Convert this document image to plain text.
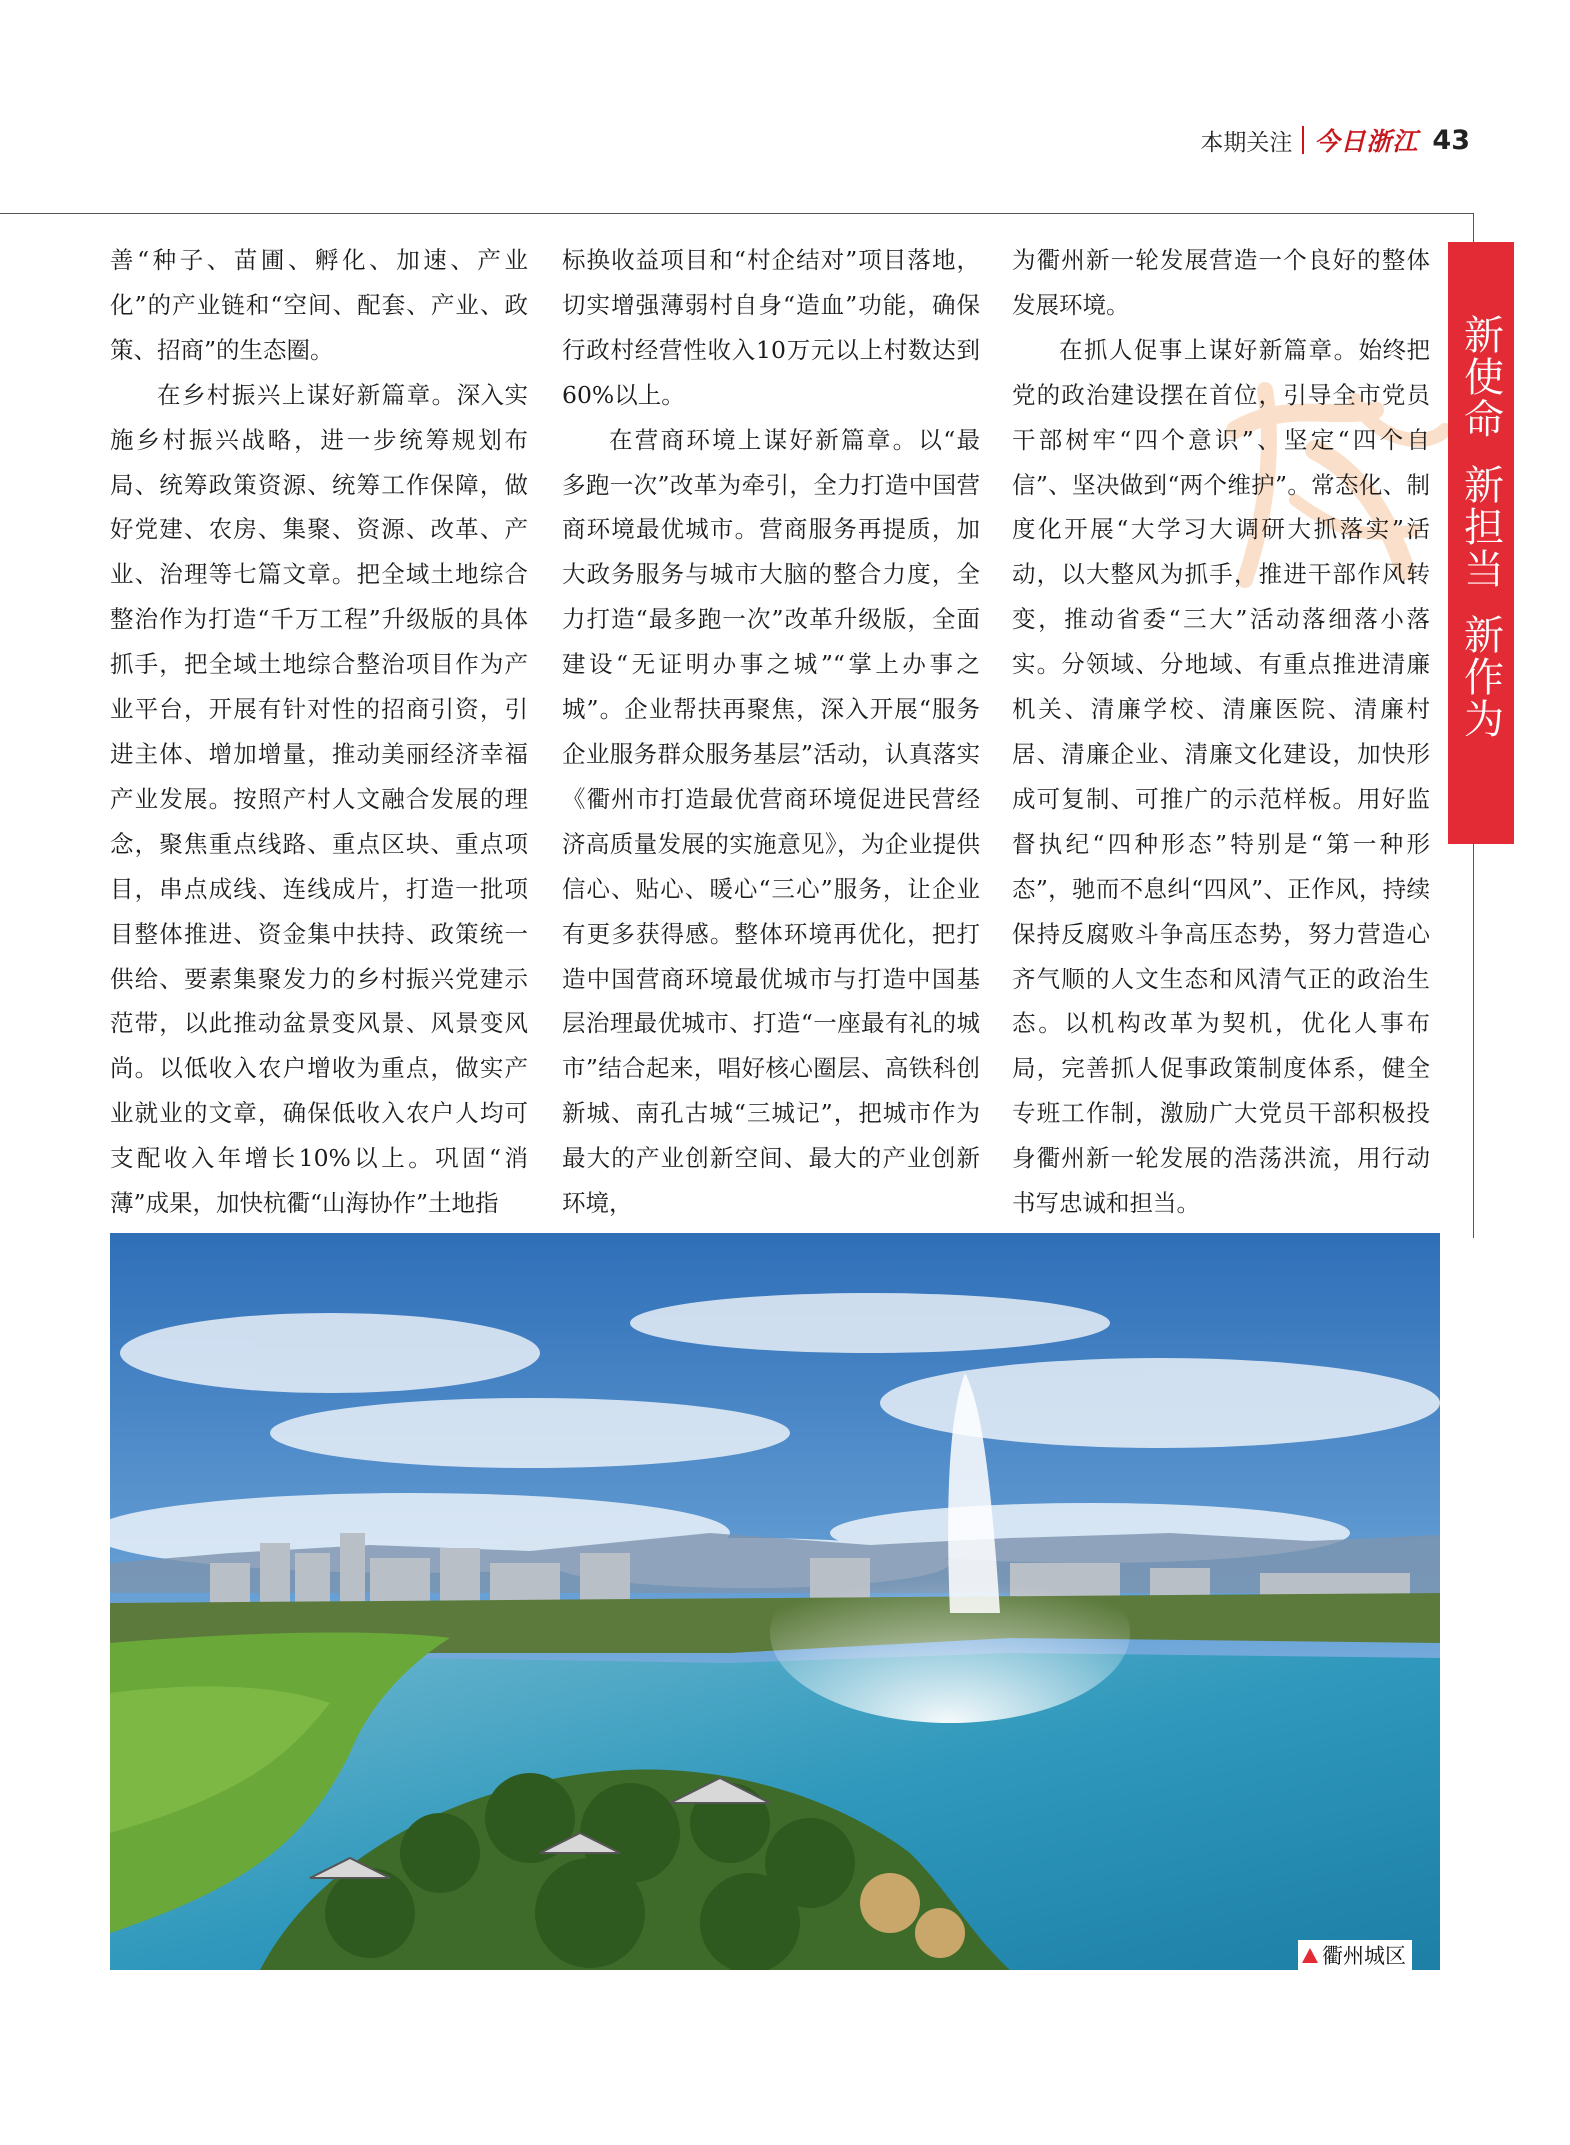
本期关注 今日浙江 43

善“种子、苗圃、孵化、加速、产业化”的产业链和“空间、配套、产业、政策、招商”的生态圈。

在乡村振兴上谋好新篇章。深入实施乡村振兴战略，进一步统筹规划布局、统筹政策资源、统筹工作保障，做好党建、农房、集聚、资源、改革、产业、治理等七篇文章。把全域土地综合整治作为打造“千万工程”升级版的具体抓手，把全域土地综合整治项目作为产业平台，开展有针对性的招商引资，引进主体、增加增量，推动美丽经济幸福产业发展。按照产村人文融合发展的理念，聚焦重点线路、重点区块、重点项目，串点成线、连线成片，打造一批项目整体推进、资金集中扶持、政策统一供给、要素集聚发力的乡村振兴党建示范带，以此推动盆景变风景、风景变风尚。以低收入农户增收为重点，做实产业就业的文章，确保低收入农户人均可支配收入年增长10%以上。巩固“消薄”成果，加快杭衢“山海协作”土地指

标换收益项目和“村企结对”项目落地，切实增强薄弱村自身“造血”功能，确保行政村经营性收入10万元以上村数达到60%以上。

在营商环境上谋好新篇章。以“最多跑一次”改革为牵引，全力打造中国营商环境最优城市。营商服务再提质，加大政务服务与城市大脑的整合力度，全力打造“最多跑一次”改革升级版，全面建设“无证明办事之城”“掌上办事之城”。企业帮扶再聚焦，深入开展“服务企业服务群众服务基层”活动，认真落实《衢州市打造最优营商环境促进民营经济高质量发展的实施意见》，为企业提供信心、贴心、暖心“三心”服务，让企业有更多获得感。整体环境再优化，把打造中国营商环境最优城市与打造中国基层治理最优城市、打造“一座最有礼的城市”结合起来，唱好核心圈层、高铁科创新城、南孔古城“三城记”，把城市作为最大的产业创新空间、最大的产业创新环境，

为衢州新一轮发展营造一个良好的整体发展环境。

在抓人促事上谋好新篇章。始终把党的政治建设摆在首位，引导全市党员干部树牢“四个意识”、坚定“四个自信”、坚决做到“两个维护”。常态化、制度化开展“大学习大调研大抓落实”活动，以大整风为抓手，推进干部作风转变，推动省委“三大”活动落细落小落实。分领域、分地域、有重点推进清廉机关、清廉学校、清廉医院、清廉村居、清廉企业、清廉文化建设，加快形成可复制、可推广的示范样板。用好监督执纪“四种形态”特别是“第一种形态”，驰而不息纠“四风”、正作风，持续保持反腐败斗争高压态势，努力营造心齐气顺的人文生态和风清气正的政治生态。以机构改革为契机，优化人事布局，完善抓人促事政策制度体系，健全专班工作制，激励广大党员干部积极投身衢州新一轮发展的浩荡洪流，用行动书写忠诚和担当。

新使命
新担当
新作为
衢州城区
